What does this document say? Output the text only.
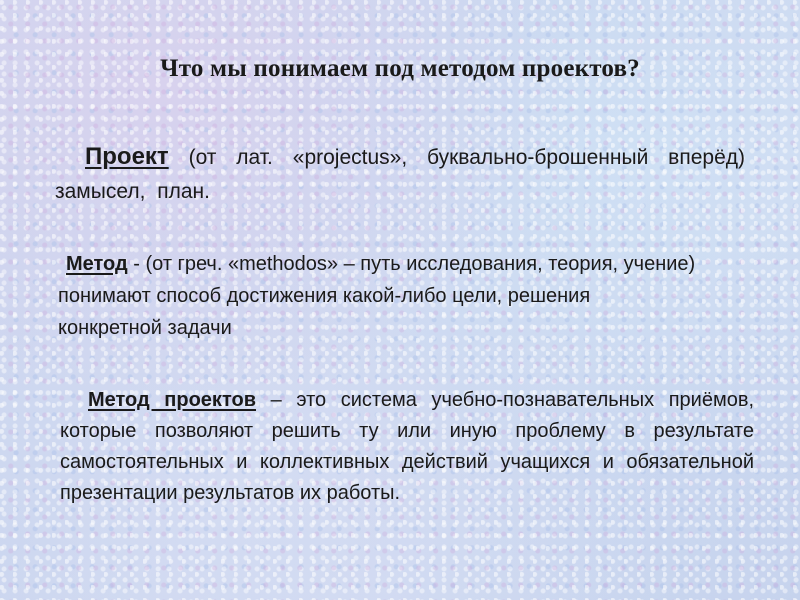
Что мы понимаем под методом проектов?

Проект (от лат. «projectus», буквально-брошенный вперёд) замысел, план.

Метод - (от греч. «methodos» – путь исследования, теория, учение) понимают способ достижения какой-либо цели, решения конкретной задачи

Метод проектов – это система учебно-познавательных приёмов, которые позволяют решить ту или иную проблему в результате самостоятельных и коллективных действий учащихся и обязательной презентации результатов их работы.
